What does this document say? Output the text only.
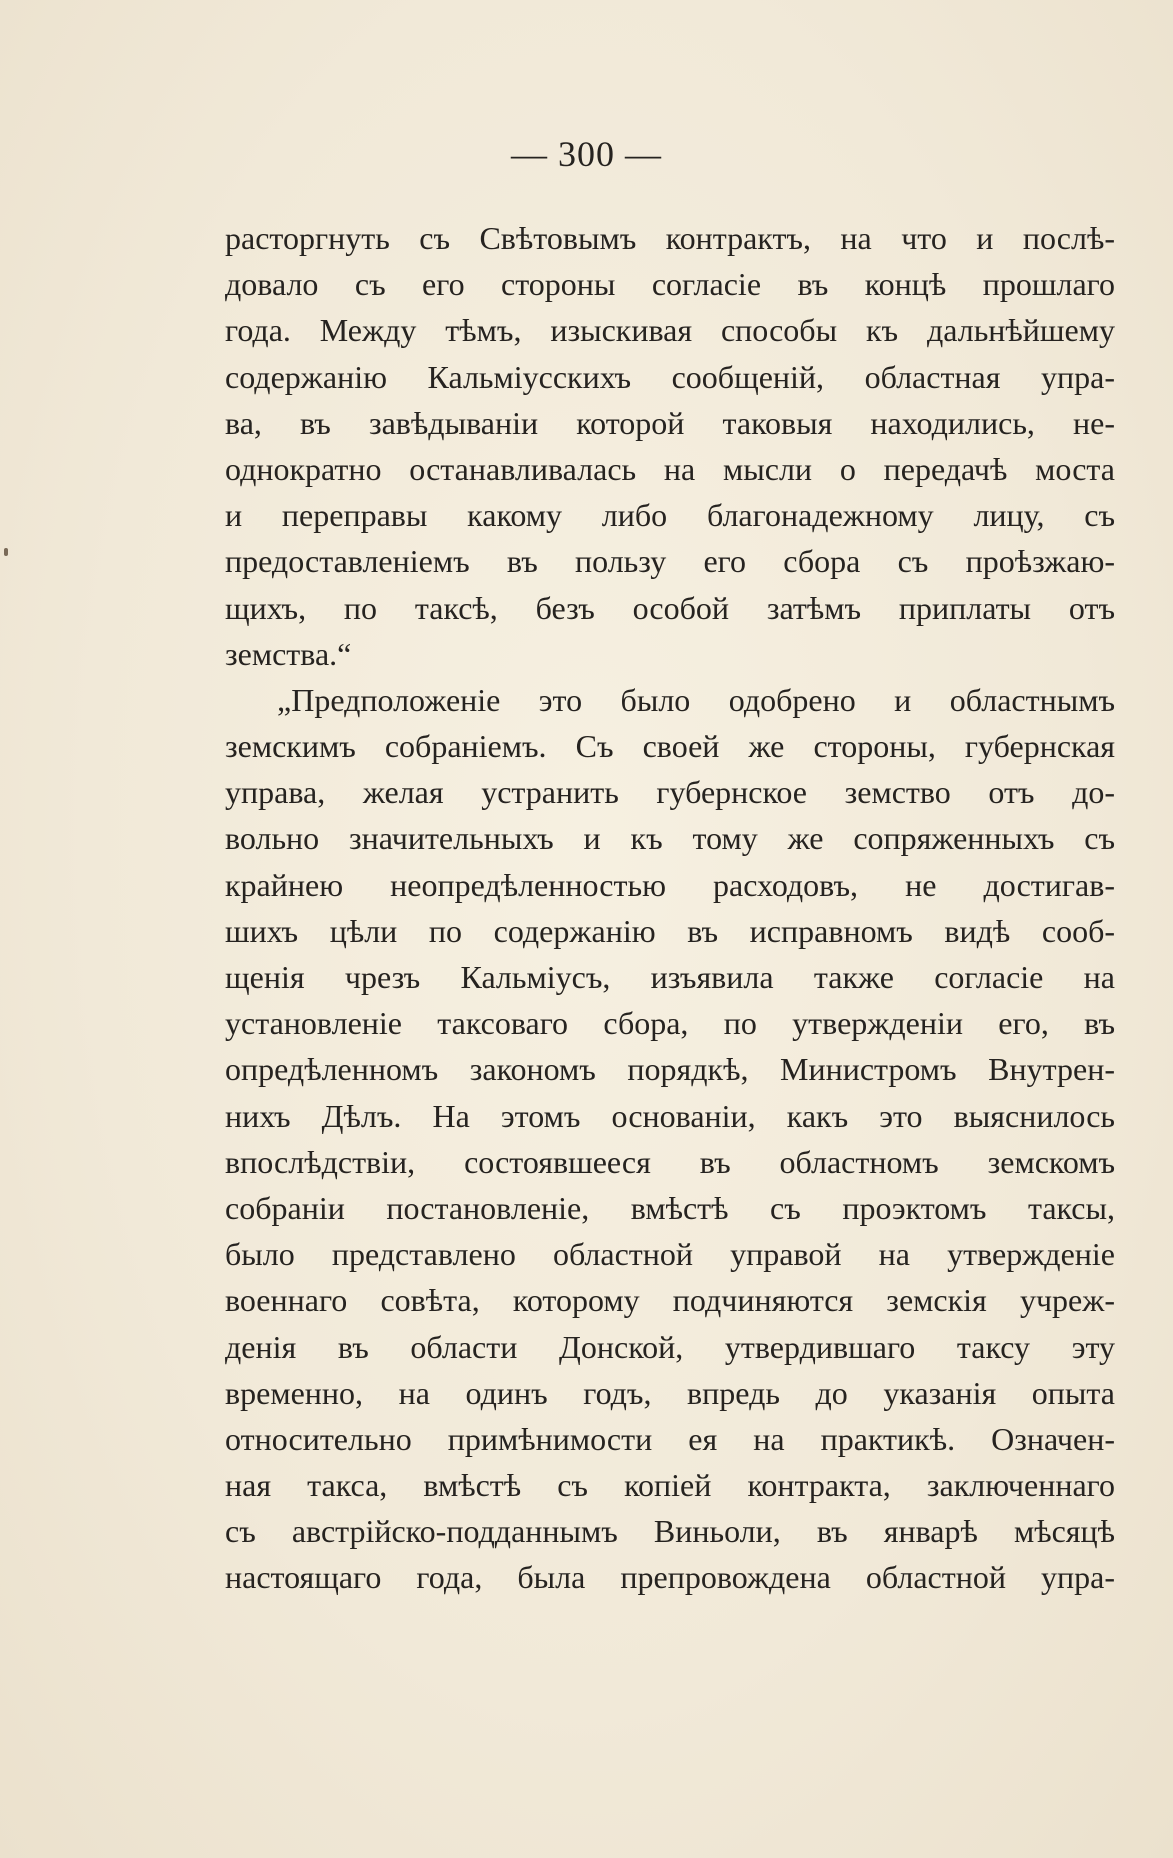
— 300 —
расторгнуть съ Свѣтовымъ контрактъ, на что и послѣ-
довало съ его стороны согласіе въ концѣ прошлаго
года. Между тѣмъ, изыскивая способы къ дальнѣйшему
содержанію Кальміусскихъ сообщеній, областная упра-
ва, въ завѣдываніи которой таковыя находились, не-
однократно останавливалась на мысли о передачѣ моста
и переправы какому либо благонадежному лицу, съ
предоставленіемъ въ пользу его сбора съ проѣзжаю-
щихъ, по таксѣ, безъ особой затѣмъ приплаты отъ
земства.“
„Предположеніе это было одобрено и областнымъ
земскимъ собраніемъ. Съ своей же стороны, губернская
управа, желая устранить губернское земство отъ до-
вольно значительныхъ и къ тому же сопряженныхъ съ
крайнею неопредѣленностью расходовъ, не достигав-
шихъ цѣли по содержанію въ исправномъ видѣ сооб-
щенія чрезъ Кальміусъ, изъявила также согласіе на
установленіе таксоваго сбора, по утвержденіи его, въ
опредѣленномъ закономъ порядкѣ, Министромъ Внутрен-
нихъ Дѣлъ. На этомъ основаніи, какъ это выяснилось
впослѣдствіи, состоявшееся въ областномъ земскомъ
собраніи постановленіе, вмѣстѣ съ проэктомъ таксы,
было представлено областной управой на утвержденіе
военнаго совѣта, которому подчиняются земскія учреж-
денія въ области Донской, утвердившаго таксу эту
временно, на одинъ годъ, впредь до указанія опыта
относительно примѣнимости ея на практикѣ. Означен-
ная такса, вмѣстѣ съ копіей контракта, заключеннаго
съ австрійско-подданнымъ Виньоли, въ январѣ мѣсяцѣ
настоящаго года, была препровождена областной упра-
